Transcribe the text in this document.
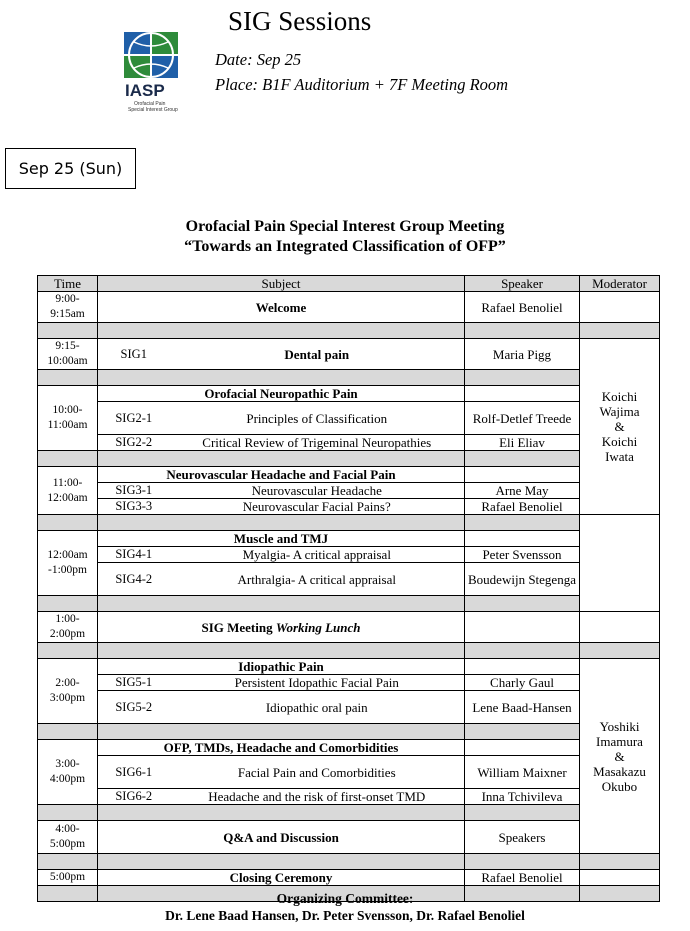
SIG Sessions
IASP
Orofacial Pain
Special Interest Group
Date: Sep 25
Place: B1F Auditorium + 7F Meeting Room
Sep 25 (Sun)
Orofacial Pain Special Interest Group Meeting
“Towards an Integrated Classification of OFP”
Time	Subject		Speaker	Moderator	
9:00-9:15am	Welcome		Rafael Benoliel		

9:15-10:00am	SIG1	Dental pain	Maria Pigg	Koichi
Wajima
&
Koichi
Iwata	

10:00-11:00am	Orofacial Neuropathic Pain				
	SIG2-1	Principles of Classification	Rolf-Detlef Treede		
	SIG2-2	Critical Review of Trigeminal Neuropathies	Eli Eliav		

11:00-12:00am	Neurovascular Headache and Facial Pain				
	SIG3-1	Neurovascular Headache	Arne May		
	SIG3-3	Neurovascular Facial Pains?	Rafael Benoliel	

12:00am -1:00pm	Muscle and TMJ				
	SIG4-1	Myalgia- A critical appraisal	Peter Svensson		
	SIG4-2	Arthralgia- A critical appraisal	Boudewijn Stegenga		

1:00-2:00pm	SIG Meeting Working Lunch				

2:00-3:00pm	Idiopathic Pain			Yoshiki
Imamura
&
Masakazu
Okubo	
	SIG5-1	Persistent Idopathic Facial Pain	Charly Gaul		
	SIG5-2	Idiopathic oral pain	Lene Baad-Hansen		

3:00-4:00pm	OFP, TMDs, Headache and Comorbidities				
	SIG6-1	Facial Pain and Comorbidities	William Maixner		
	SIG6-2	Headache and the risk of first-onset TMD	Inna Tchivileva		

4:00-5:00pm	Q&A and Discussion		Speakers	

5:00pm	Closing Ceremony		Rafael Benoliel		

Organizing Committee:
Dr. Lene Baad Hansen, Dr. Peter Svensson, Dr. Rafael Benoliel
